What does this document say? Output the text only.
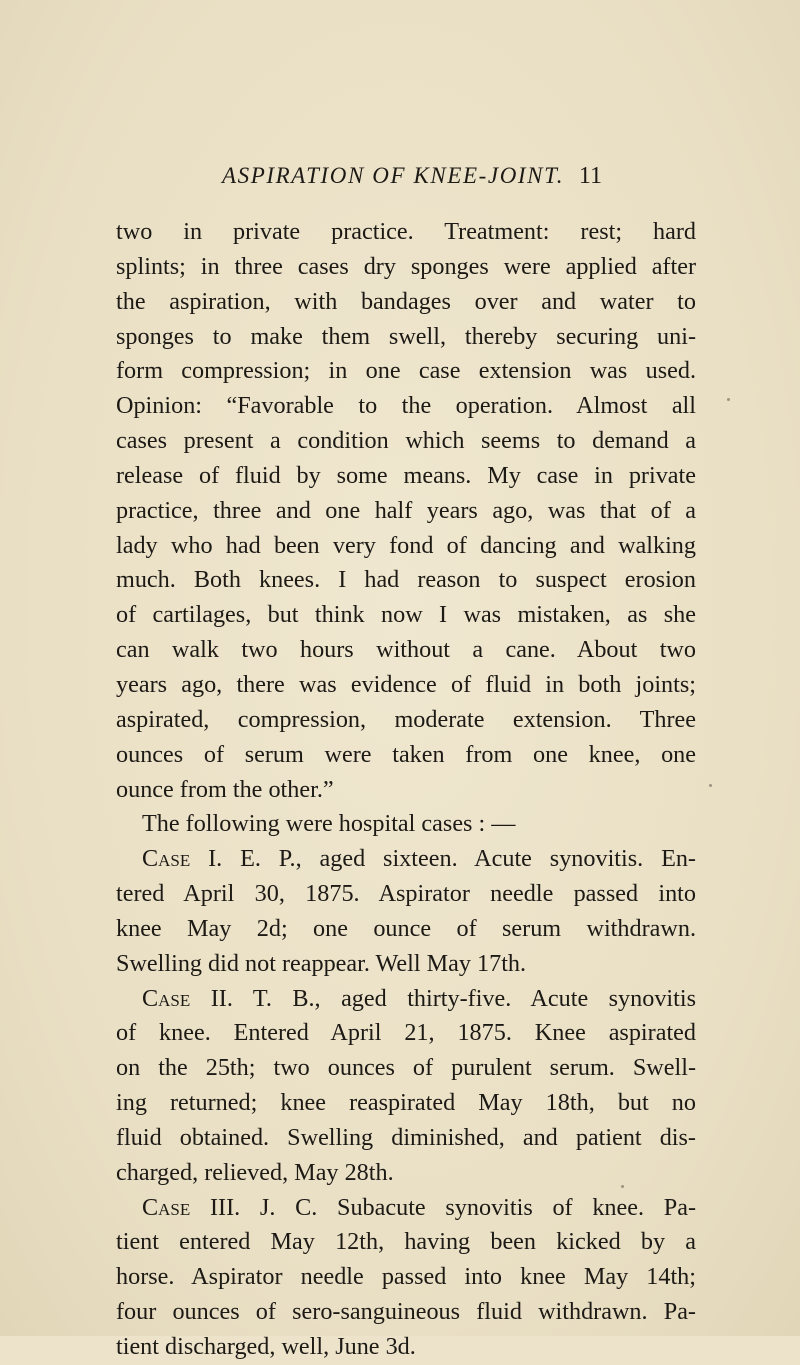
ASPIRATION OF KNEE-JOINT. 11
two in private practice. Treatment: rest; hard
splints; in three cases dry sponges were applied after
the aspiration, with bandages over and water to
sponges to make them swell, thereby securing uni-
form compression; in one case extension was used.
Opinion: “Favorable to the operation. Almost all
cases present a condition which seems to demand a
release of fluid by some means. My case in private
practice, three and one half years ago, was that of a
lady who had been very fond of dancing and walking
much. Both knees. I had reason to suspect erosion
of cartilages, but think now I was mistaken, as she
can walk two hours without a cane. About two
years ago, there was evidence of fluid in both joints;
aspirated, compression, moderate extension. Three
ounces of serum were taken from one knee, one
ounce from the other.”
The following were hospital cases : —
Case I. E. P., aged sixteen. Acute synovitis. En-
tered April 30, 1875. Aspirator needle passed into
knee May 2d; one ounce of serum withdrawn.
Swelling did not reappear. Well May 17th.
Case II. T. B., aged thirty-five. Acute synovitis
of knee. Entered April 21, 1875. Knee aspirated
on the 25th; two ounces of purulent serum. Swell-
ing returned; knee reaspirated May 18th, but no
fluid obtained. Swelling diminished, and patient dis-
charged, relieved, May 28th.
Case III. J. C. Subacute synovitis of knee. Pa-
tient entered May 12th, having been kicked by a
horse. Aspirator needle passed into knee May 14th;
four ounces of sero-sanguineous fluid withdrawn. Pa-
tient discharged, well, June 3d.
